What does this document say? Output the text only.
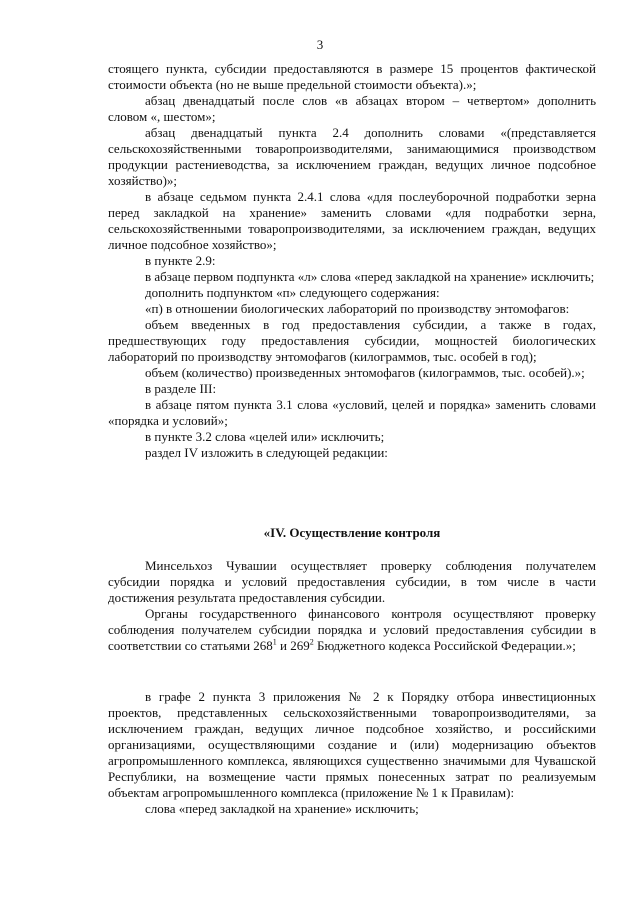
3

стоящего пункта, субсидии предоставляются в размере 15 процентов фактической стоимости объекта (но не выше предельной стоимости объекта).»;

абзац двенадцатый после слов «в абзацах втором – четвертом» дополнить словом «, шестом»;

абзац двенадцатый пункта 2.4 дополнить словами «(представляется сельскохозяйственными товаропроизводителями, занимающимися производством продукции растениеводства, за исключением граждан, ведущих личное подсобное хозяйство)»;

в абзаце седьмом пункта 2.4.1 слова «для послеуборочной подработки зерна перед закладкой на хранение» заменить словами «для подработки зерна, сельскохозяйственными товаропроизводителями, за исключением граждан, ведущих личное подсобное хозяйство»;

в пункте 2.9:

в абзаце первом подпункта «л» слова «перед закладкой на хранение» исключить;

дополнить подпунктом «п» следующего содержания:

«п) в отношении биологических лабораторий по производству энтомофагов:

объем введенных в год предоставления субсидии, а также в годах, предшествующих году предоставления субсидии, мощностей биологических лабораторий по производству энтомофагов (килограммов, тыс. особей в год);

объем (количество) произведенных энтомофагов (килограммов, тыс. особей).»;

в разделе III:

в абзаце пятом пункта 3.1 слова «условий, целей и порядка» заменить словами «порядка и условий»;

в пункте 3.2 слова «целей или» исключить;

раздел IV изложить в следующей редакции:

«IV. Осуществление контроля

Минсельхоз Чувашии осуществляет проверку соблюдения получателем субсидии порядка и условий предоставления субсидии, в том числе в части достижения результата предоставления субсидии.

Органы государственного финансового контроля осуществляют проверку соблюдения получателем субсидии порядка и условий предоставления субсидии в соответствии со статьями $268^1$ и $269^2$ Бюджетного кодекса Российской Федерации.»;

в графе 2 пункта 3 приложения № 2 к Порядку отбора инвестиционных проектов, представленных сельскохозяйственными товаропроизводителями, за исключением граждан, ведущих личное подсобное хозяйство, и российскими организациями, осуществляющими создание и (или) модернизацию объектов агропромышленного комплекса, являющихся существенно значимыми для Чувашской Республики, на возмещение части прямых понесенных затрат по реализуемым объектам агропромышленного комплекса (приложение № 1 к Правилам):

слова «перед закладкой на хранение» исключить;
